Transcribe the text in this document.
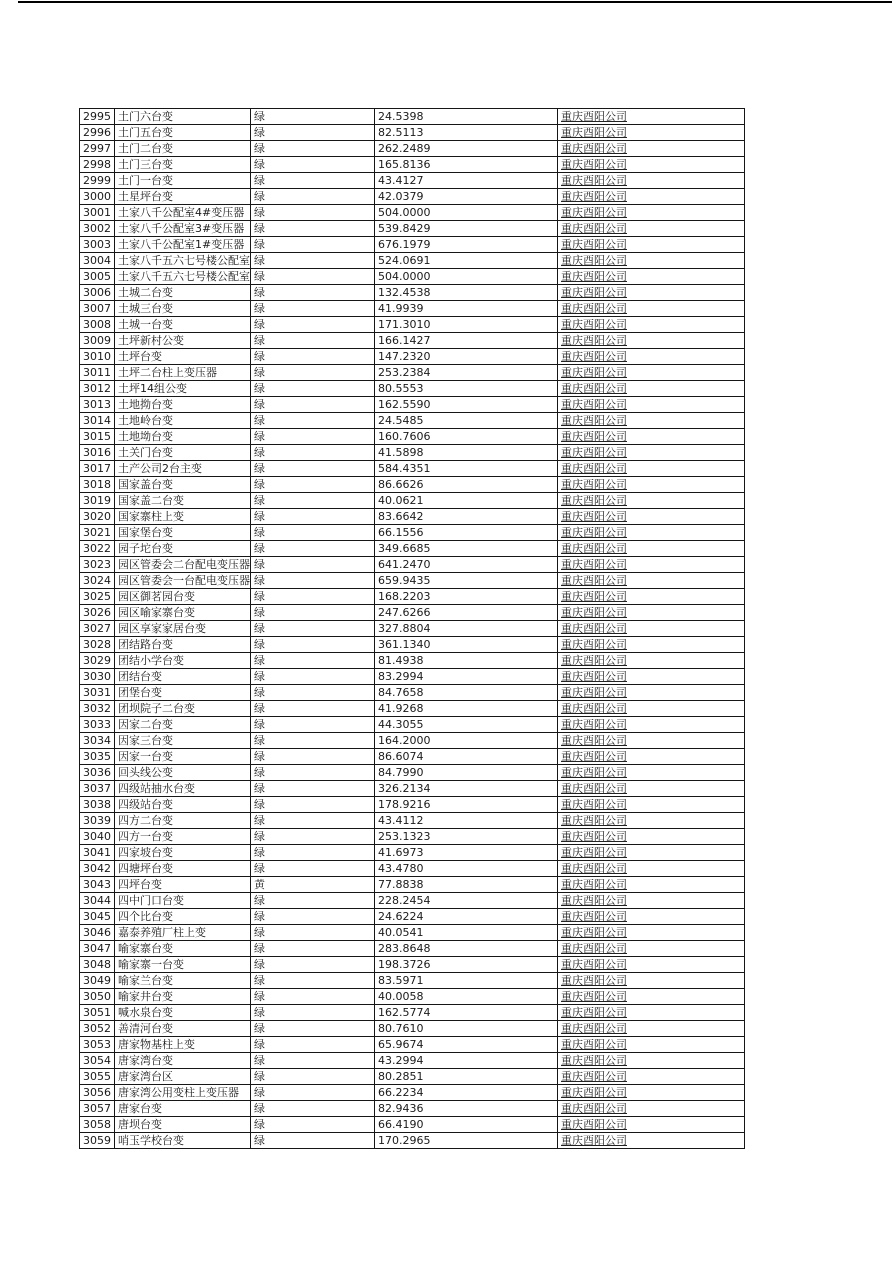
2995	土门六台变	绿	24.5398	重庆酉阳公司
2996	土门五台变	绿	82.5113	重庆酉阳公司
2997	土门二台变	绿	262.2489	重庆酉阳公司
2998	土门三台变	绿	165.8136	重庆酉阳公司
2999	土门一台变	绿	43.4127	重庆酉阳公司
3000	土星坪台变	绿	42.0379	重庆酉阳公司
3001	土家八千公配室4#变压器	绿	504.0000	重庆酉阳公司
3002	土家八千公配室3#变压器	绿	539.8429	重庆酉阳公司
3003	土家八千公配室1#变压器	绿	676.1979	重庆酉阳公司
3004	土家八千五六七号楼公配室	绿	524.0691	重庆酉阳公司
3005	土家八千五六七号楼公配室	绿	504.0000	重庆酉阳公司
3006	土城二台变	绿	132.4538	重庆酉阳公司
3007	土城三台变	绿	41.9939	重庆酉阳公司
3008	土城一台变	绿	171.3010	重庆酉阳公司
3009	土坪新村公变	绿	166.1427	重庆酉阳公司
3010	土坪台变	绿	147.2320	重庆酉阳公司
3011	土坪二台柱上变压器	绿	253.2384	重庆酉阳公司
3012	土坪14组公变	绿	80.5553	重庆酉阳公司
3013	土地拗台变	绿	162.5590	重庆酉阳公司
3014	土地岭台变	绿	24.5485	重庆酉阳公司
3015	土地坳台变	绿	160.7606	重庆酉阳公司
3016	土关门台变	绿	41.5898	重庆酉阳公司
3017	土产公司2台主变	绿	584.4351	重庆酉阳公司
3018	国家盖台变	绿	86.6626	重庆酉阳公司
3019	国家盖二台变	绿	40.0621	重庆酉阳公司
3020	国家寨柱上变	绿	83.6642	重庆酉阳公司
3021	国家堡台变	绿	66.1556	重庆酉阳公司
3022	园子坨台变	绿	349.6685	重庆酉阳公司
3023	园区管委会二台配电变压器	绿	641.2470	重庆酉阳公司
3024	园区管委会一台配电变压器	绿	659.9435	重庆酉阳公司
3025	园区御茗园台变	绿	168.2203	重庆酉阳公司
3026	园区喻家寨台变	绿	247.6266	重庆酉阳公司
3027	园区享家家居台变	绿	327.8804	重庆酉阳公司
3028	团结路台变	绿	361.1340	重庆酉阳公司
3029	团结小学台变	绿	81.4938	重庆酉阳公司
3030	团结台变	绿	83.2994	重庆酉阳公司
3031	团堡台变	绿	84.7658	重庆酉阳公司
3032	团坝院子二台变	绿	41.9268	重庆酉阳公司
3033	因家二台变	绿	44.3055	重庆酉阳公司
3034	因家三台变	绿	164.2000	重庆酉阳公司
3035	因家一台变	绿	86.6074	重庆酉阳公司
3036	回头线公变	绿	84.7990	重庆酉阳公司
3037	四级站抽水台变	绿	326.2134	重庆酉阳公司
3038	四级站台变	绿	178.9216	重庆酉阳公司
3039	四方二台变	绿	43.4112	重庆酉阳公司
3040	四方一台变	绿	253.1323	重庆酉阳公司
3041	四家坡台变	绿	41.6973	重庆酉阳公司
3042	四塘坪台变	绿	43.4780	重庆酉阳公司
3043	四坪台变	黄	77.8838	重庆酉阳公司
3044	四中门口台变	绿	228.2454	重庆酉阳公司
3045	四个比台变	绿	24.6224	重庆酉阳公司
3046	嘉泰养殖厂柱上变	绿	40.0541	重庆酉阳公司
3047	喻家寨台变	绿	283.8648	重庆酉阳公司
3048	喻家寨一台变	绿	198.3726	重庆酉阳公司
3049	喻家兰台变	绿	83.5971	重庆酉阳公司
3050	喻家井台变	绿	40.0058	重庆酉阳公司
3051	喊水泉台变	绿	162.5774	重庆酉阳公司
3052	善清河台变	绿	80.7610	重庆酉阳公司
3053	唐家物基柱上变	绿	65.9674	重庆酉阳公司
3054	唐家湾台变	绿	43.2994	重庆酉阳公司
3055	唐家湾台区	绿	80.2851	重庆酉阳公司
3056	唐家湾公用变柱上变压器	绿	66.2234	重庆酉阳公司
3057	唐家台变	绿	82.9436	重庆酉阳公司
3058	唐坝台变	绿	66.4190	重庆酉阳公司
3059	哨玉学校台变	绿	170.2965	重庆酉阳公司
